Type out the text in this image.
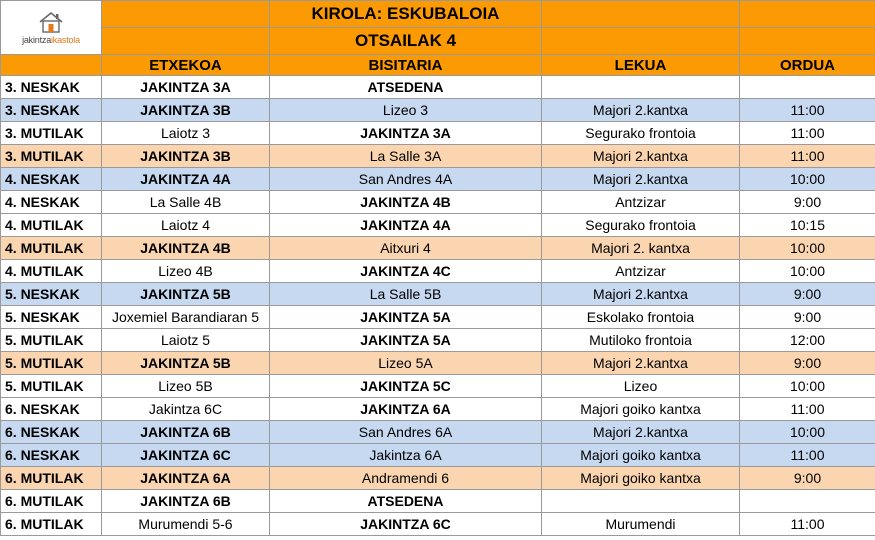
jakintzaikastola		KIROLA: ESKUBALOIA		
		OTSAILAK 4		
	ETXEKOA	BISITARIA	LEKUA	ORDUA
3. NESKAK	JAKINTZA 3A	ATSEDENA		
3. NESKAK	JAKINTZA 3B	Lizeo 3	Majori 2.kantxa	11:00
3. MUTILAK	Laiotz 3	JAKINTZA 3A	Segurako frontoia	11:00
3. MUTILAK	JAKINTZA 3B	La Salle 3A	Majori 2.kantxa	11:00
4. NESKAK	JAKINTZA 4A	San Andres 4A	Majori 2.kantxa	10:00
4. NESKAK	La Salle 4B	JAKINTZA 4B	Antzizar	9:00
4. MUTILAK	Laiotz 4	JAKINTZA 4A	Segurako frontoia	10:15
4. MUTILAK	JAKINTZA 4B	Aitxuri 4	Majori 2. kantxa	10:00
4. MUTILAK	Lizeo 4B	JAKINTZA 4C	Antzizar	10:00
5. NESKAK	JAKINTZA 5B	La Salle 5B	Majori 2.kantxa	9:00
5. NESKAK	Joxemiel Barandiaran 5	JAKINTZA 5A	Eskolako frontoia	9:00
5. MUTILAK	Laiotz 5	JAKINTZA 5A	Mutiloko frontoia	12:00
5. MUTILAK	JAKINTZA 5B	Lizeo 5A	Majori 2.kantxa	9:00
5. MUTILAK	Lizeo 5B	JAKINTZA 5C	Lizeo	10:00
6. NESKAK	Jakintza 6C	JAKINTZA 6A	Majori goiko kantxa	11:00
6. NESKAK	JAKINTZA 6B	San Andres 6A	Majori 2.kantxa	10:00
6. NESKAK	JAKINTZA 6C	Jakintza 6A	Majori goiko kantxa	11:00
6. MUTILAK	JAKINTZA 6A	Andramendi 6	Majori goiko kantxa	9:00
6. MUTILAK	JAKINTZA 6B	ATSEDENA		
6. MUTILAK	Murumendi 5-6	JAKINTZA 6C	Murumendi	11:00
